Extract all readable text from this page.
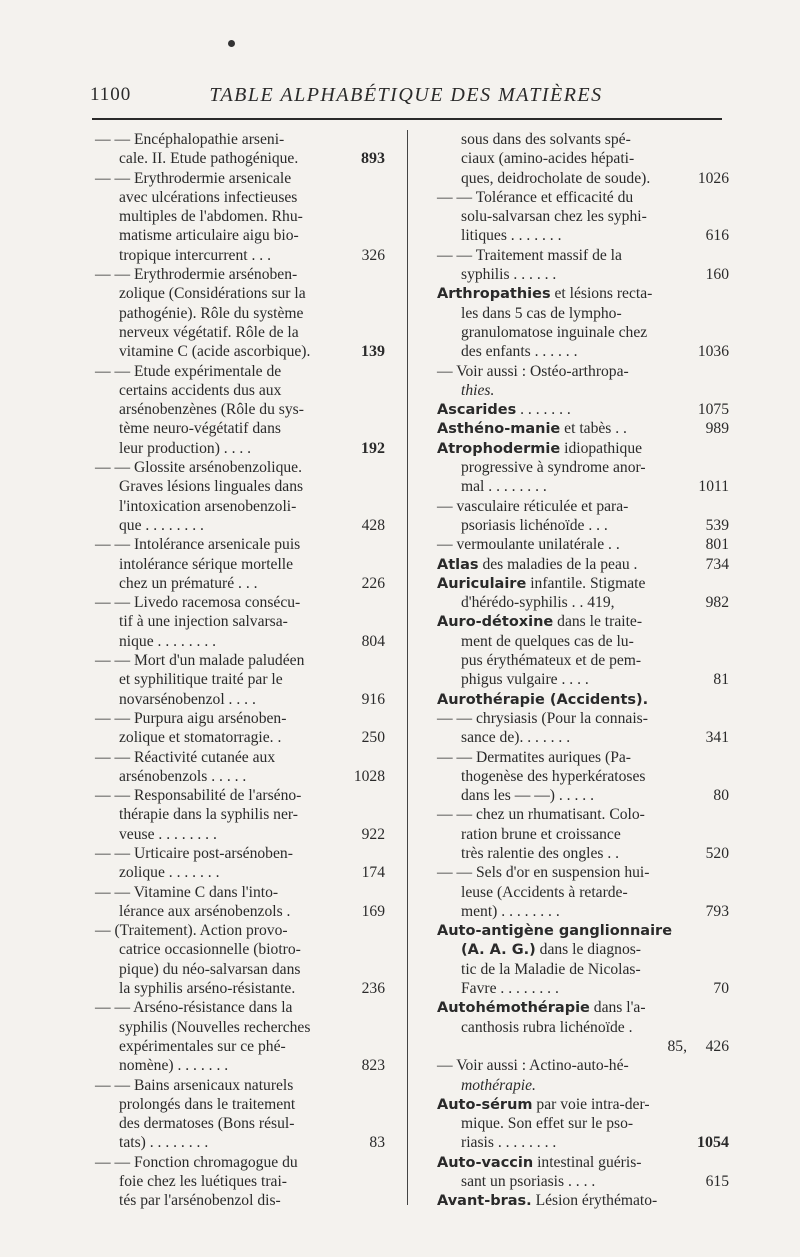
1100	TABLE ALPHABÉTIQUE DES MATIÈRES
— — Encéphalopathie arseni-
cale. II. Etude pathogénique.	893
— — Erythrodermie arsenicale
avec ulcérations infectieuses
multiples de l'abdomen. Rhu-
matisme articulaire aigu bio-
tropique intercurrent . . .	326
— — Erythrodermie arsénoben-
zolique (Considérations sur la
pathogénie). Rôle du système
nerveux végétatif. Rôle de la
vitamine C (acide ascorbique).	139
— — Etude expérimentale de
certains accidents dus aux
arsénobenzènes (Rôle du sys-
tème neuro-végétatif dans
leur production) . . . .	192
— — Glossite arsénobenzolique.
Graves lésions linguales dans
l'intoxication arsenobenzoli-
que . . . . . . . .	428
— — Intolérance arsenicale puis
intolérance sérique mortelle
chez un prématuré . . .	226
— — Livedo racemosa consécu-
tif à une injection salvarsa-
nique . . . . . . . .	804
— — Mort d'un malade paludéen
et syphilitique traité par le
novarsénobenzol . . . .	916
— — Purpura aigu arsénoben-
zolique et stomatorragie. .	250
— — Réactivité cutanée aux
arsénobenzols . . . . .	1028
— — Responsabilité de l'arséno-
thérapie dans la syphilis ner-
veuse . . . . . . . .	922
— — Urticaire post-arsénoben-
zolique . . . . . . .	174
— — Vitamine C dans l'into-
lérance aux arsénobenzols .	169
— (Traitement). Action provo-
catrice occasionnelle (biotro-
pique) du néo-salvarsan dans
la syphilis arséno-résistante.	236
— — Arséno-résistance dans la
syphilis (Nouvelles recherches
expérimentales sur ce phé-
nomène) . . . . . . .	823
— — Bains arsenicaux naturels
prolongés dans le traitement
des dermatoses (Bons résul-
tats) . . . . . . . .	83
— — Fonction chromagogue du
foie chez les luétiques trai-
tés par l'arsénobenzol dis-
sous dans des solvants spé-
ciaux (amino-acides hépati-
ques, deidrocholate de soude).	1026
— — Tolérance et efficacité du
solu-salvarsan chez les syphi-
litiques . . . . . . .	616
— — Traitement massif de la
syphilis . . . . . .	160
Arthropathies et lésions recta-
les dans 5 cas de lympho-
granulomatose inguinale chez
des enfants . . . . . .	1036
— Voir aussi : Ostéo-arthropa-
thies.
Ascarides . . . . . . .	1075
Asthéno-manie et tabès . .	989
Atrophodermie idiopathique
progressive à syndrome anor-
mal . . . . . . . .	1011
— vasculaire réticulée et para-
psoriasis lichénoïde . . .	539
— vermoulante unilatérale . .	801
Atlas des maladies de la peau .	734
Auriculaire infantile. Stigmate
d'hérédo-syphilis . . 419,	982
Auro-détoxine dans le traite-
ment de quelques cas de lu-
pus érythémateux et de pem-
phigus vulgaire . . . .	81
Aurothérapie (Accidents).
— — chrysiasis (Pour la connais-
sance de). . . . . . .	341
— — Dermatites auriques (Pa-
thogenèse des hyperkératoses
dans les — —) . . . . .	80
— — chez un rhumatisant. Colo-
ration brune et croissance
très ralentie des ongles . .	520
— — Sels d'or en suspension hui-
leuse (Accidents à retarde-
ment) . . . . . . . .	793
Auto-antigène ganglionnaire
(A. A. G.) dans le diagnos-
tic de la Maladie de Nicolas-
Favre . . . . . . . .	70
Autohémothérapie dans l'a-
canthosis rubra lichénoïde .
85, 426
— Voir aussi : Actino-auto-hé-
mothérapie.
Auto-sérum par voie intra-der-
mique. Son effet sur le pso-
riasis . . . . . . . .	1054
Auto-vaccin intestinal guéris-
sant un psoriasis . . . .	615
Avant-bras. Lésion érythémato-
